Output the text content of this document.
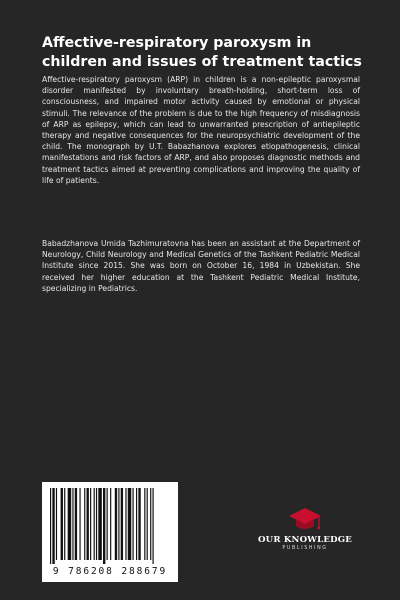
Affective-respiratory paroxysm in children and issues of treatment tactics

Affective-respiratory paroxysm (ARP) in children is a non-epileptic paroxysmal disorder manifested by involuntary breath-holding, short-term loss of consciousness, and impaired motor activity caused by emotional or physical stimuli. The relevance of the problem is due to the high frequency of misdiagnosis of ARP as epilepsy, which can lead to unwarranted prescription of antiepileptic therapy and negative consequences for the neuropsychiatric development of the child. The monograph by U.T. Babazhanova explores etiopathogenesis, clinical manifestations and risk factors of ARP, and also proposes diagnostic methods and treatment tactics aimed at preventing complications and improving the quality of life of patients.

Babadzhanova Umida Tazhimuratovna has been an assistant at the Department of Neurology, Child Neurology and Medical Genetics of the Tashkent Pediatric Medical Institute since 2015. She was born on October 16, 1984 in Uzbekistan. She received her higher education at the Tashkent Pediatric Medical Institute, specializing in Pediatrics.

9 786208 288679
OUR KNOWLEDGE
PUBLISHING
